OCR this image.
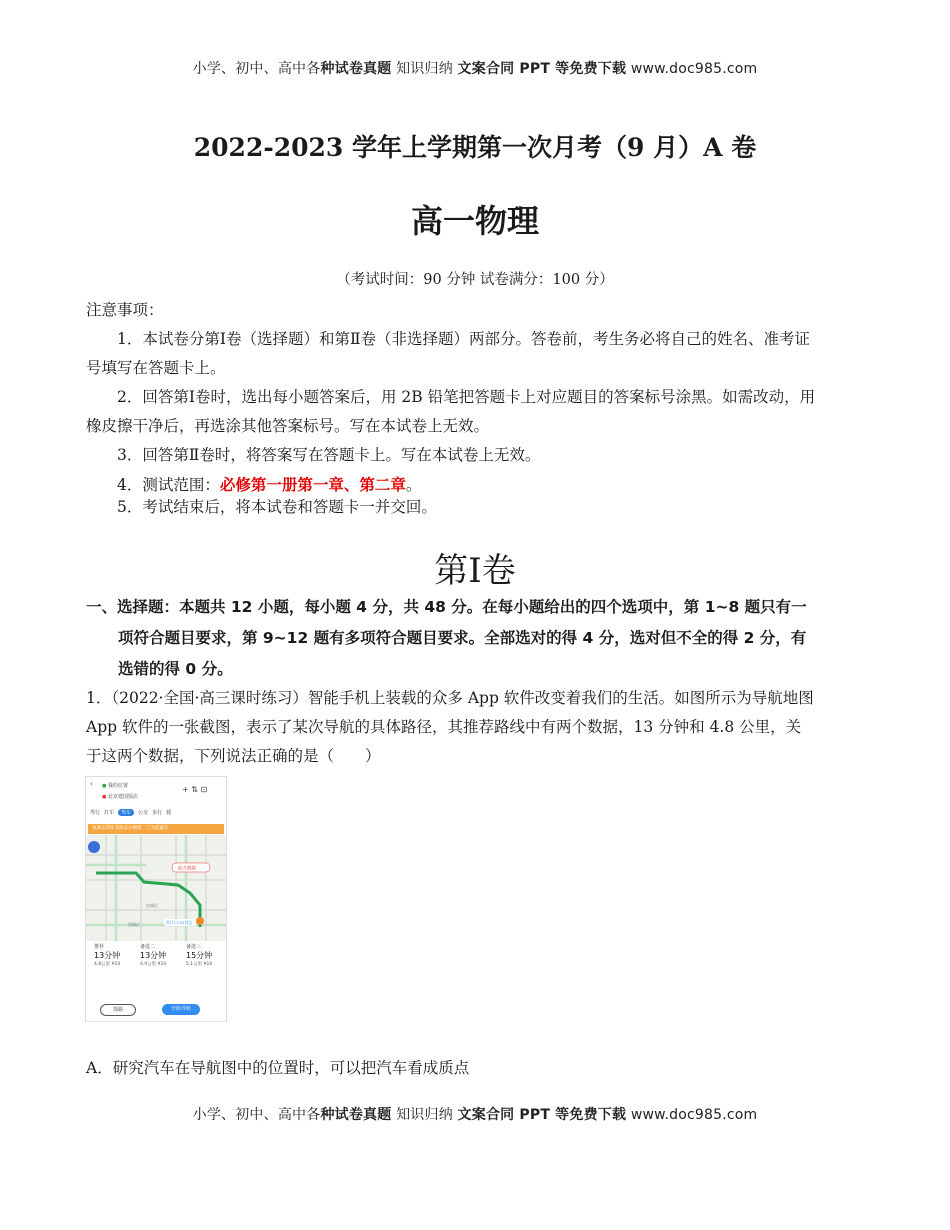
小学、初中、高中各种试卷真题 知识归纳 文案合同 PPT 等免费下载 www.doc985.com
2022-2023 学年上学期第一次月考（9 月）A 卷
高一物理
（考试时间：90 分钟 试卷满分：100 分）
注意事项：
1．本试卷分第Ⅰ卷（选择题）和第Ⅱ卷（非选择题）两部分。答卷前，考生务必将自己的姓名、准考证号填写在答题卡上。
2．回答第Ⅰ卷时，选出每小题答案后，用 2B 铅笔把答题卡上对应题目的答案标号涂黑。如需改动，用橡皮擦干净后，再选涂其他答案标号。写在本试卷上无效。
3．回答第Ⅱ卷时，将答案写在答题卡上。写在本试卷上无效。
4．测试范围：必修第一册第一章、第二章。
5．考试结束后，将本试卷和答题卡一并交回。
第Ⅰ卷
一、选择题：本题共 12 小题，每小题 4 分，共 48 分。在每小题给出的四个选项中，第 1~8 题只有一项符合题目要求，第 9~12 题有多项符合题目要求。全部选对的得 4 分，选对但不全的得 2 分，有选错的得 0 分。
1．（2022·全国·高三课时练习）智能手机上装载的众多 App 软件改变着我们的生活。如图所示为导航地图 App 软件的一张截图，表示了某次导航的具体路径，其推荐路线中有两个数据，13 分钟和 4.8 公里，关于这两个数据，下列说法正确的是（　　）
‹	● 我的位置
● 北京建国饭店
+ ⇅ ⊡
驾行 打车 驾车 公交 步行 骑
预测东四环北路前方拥堵，已为您避开
前方拥堵
东城区
西城区	预计11:31到达
推荐
13分钟
4.8公里 ¥10
备选二
13分钟
4.9公里 ¥10
备选三
15分钟
5.1公里 ¥10
探路	开始导航
A．研究汽车在导航图中的位置时，可以把汽车看成质点
小学、初中、高中各种试卷真题 知识归纳 文案合同 PPT 等免费下载 www.doc985.com
